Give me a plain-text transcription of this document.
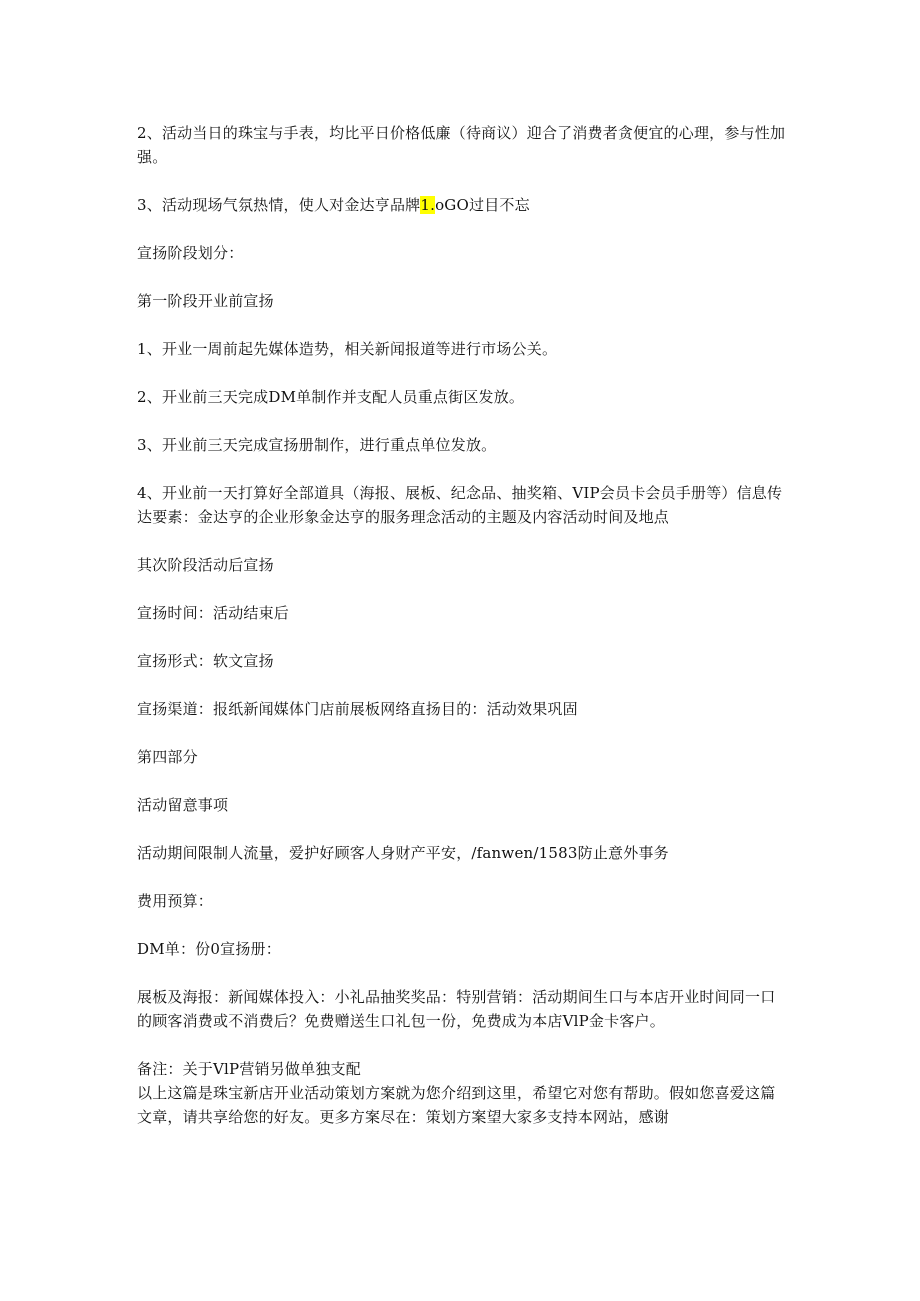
2、活动当日的珠宝与手表，均比平日价格低廉（待商议）迎合了消费者贪便宜的心理，参与性加强。
3、活动现场气氛热情，使人对金达亨品牌1.oGO过目不忘
宣扬阶段划分：
第一阶段开业前宣扬
1、开业一周前起先媒体造势，相关新闻报道等进行市场公关。
2、开业前三天完成DM单制作并支配人员重点街区发放。
3、开业前三天完成宣扬册制作，进行重点单位发放。
4、开业前一天打算好全部道具（海报、展板、纪念品、抽奖箱、VIP会员卡会员手册等）信息传达要素：金达亨的企业形象金达亨的服务理念活动的主题及内容活动时间及地点
其次阶段活动后宣扬
宣扬时间：活动结束后
宣扬形式：软文宣扬
宣扬渠道：报纸新闻媒体门店前展板网络直扬目的：活动效果巩固
第四部分
活动留意事项
活动期间限制人流量，爱护好顾客人身财产平安，/fanwen/1583防止意外事务
费用预算：
DM单：份0宣扬册：
展板及海报：新闻媒体投入：小礼品抽奖奖品：特别营销：活动期间生口与本店开业时间同一口的顾客消费或不消费后？免费赠送生口礼包一份，免费成为本店VlP金卡客户。
备注：关于VlP营销另做单独支配
以上这篇是珠宝新店开业活动策划方案就为您介绍到这里，希望它对您有帮助。假如您喜爱这篇文章，请共享给您的好友。更多方案尽在：策划方案望大家多支持本网站，感谢
